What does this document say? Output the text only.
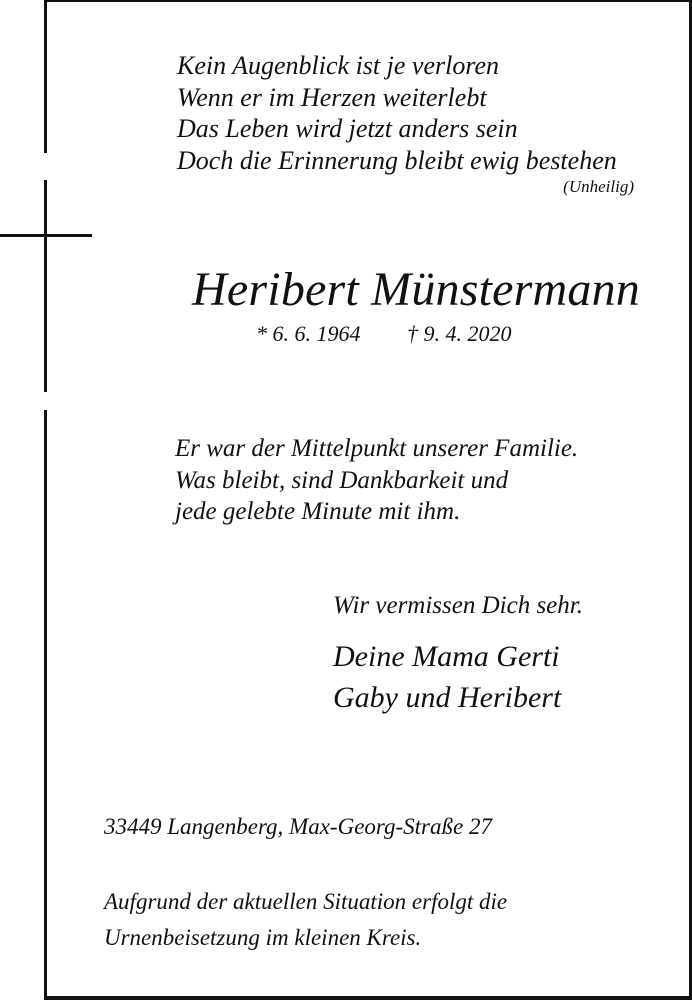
Kein Augenblick ist je verloren
Wenn er im Herzen weiterlebt
Das Leben wird jetzt anders sein
Doch die Erinnerung bleibt ewig bestehen
(Unheilig)
Heribert Münstermann
* 6. 6. 1964 † 9. 4. 2020
Er war der Mittelpunkt unserer Familie.
Was bleibt, sind Dankbarkeit und
jede gelebte Minute mit ihm.
Wir vermissen Dich sehr.
Deine Mama Gerti
Gaby und Heribert
33449 Langenberg, Max-Georg-Straße 27
Aufgrund der aktuellen Situation erfolgt die
Urnenbeisetzung im kleinen Kreis.
